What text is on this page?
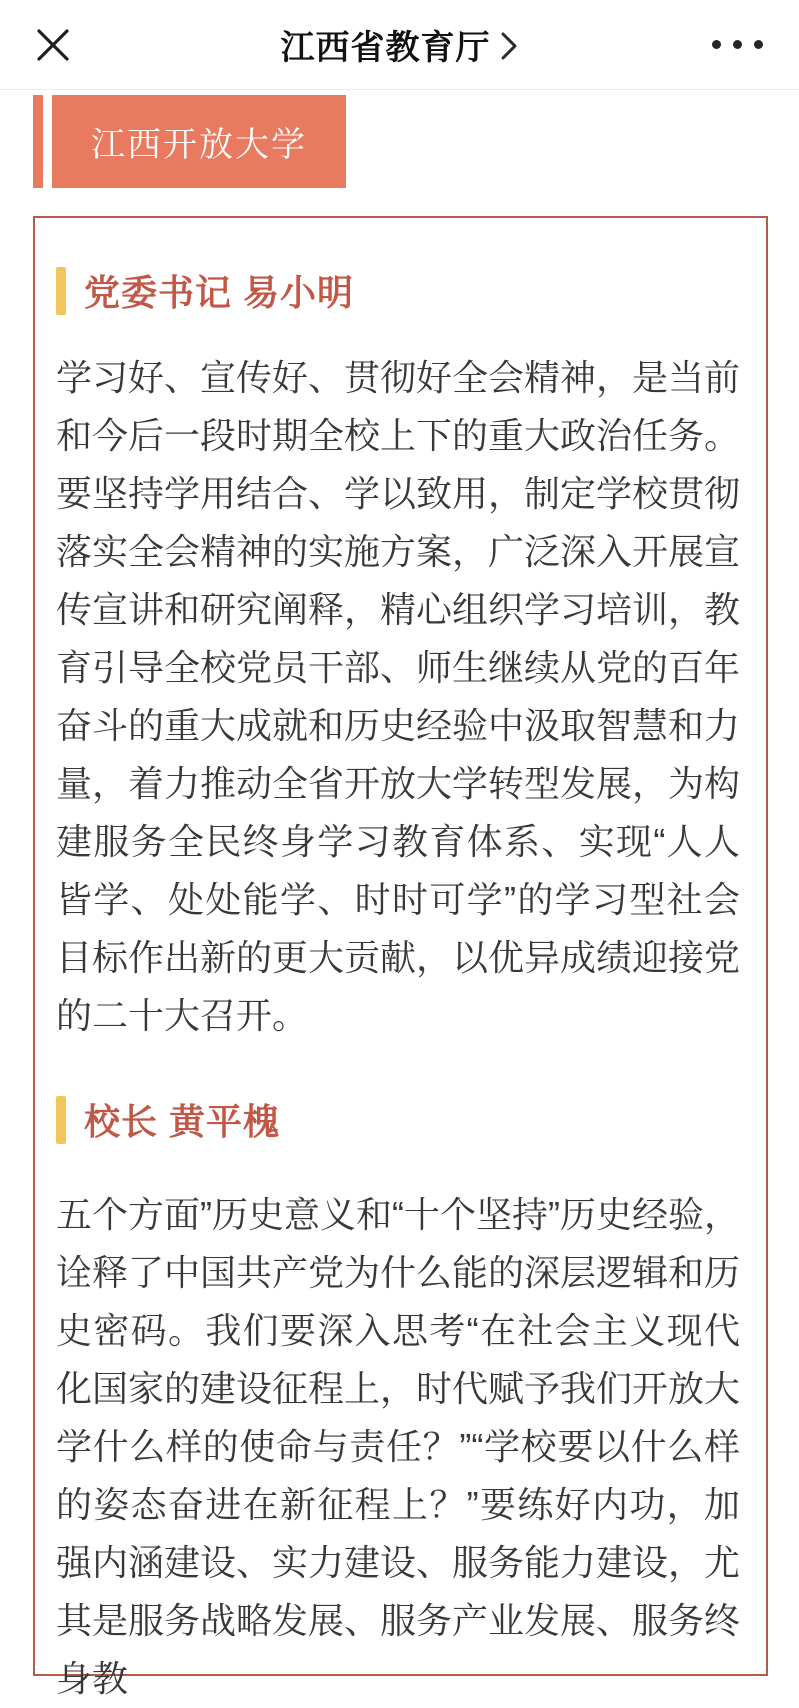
江西省教育厅
江西开放大学
党委书记 易小明

学习好、宣传好、贯彻好全会精神，是当前和今后一段时期全校上下的重大政治任务。要坚持学用结合、学以致用，制定学校贯彻落实全会精神的实施方案，广泛深入开展宣传宣讲和研究阐释，精心组织学习培训，教育引导全校党员干部、师生继续从党的百年奋斗的重大成就和历史经验中汲取智慧和力量，着力推动全省开放大学转型发展，为构建服务全民终身学习教育体系、实现“人人皆学、处处能学、时时可学”的学习型社会目标作出新的更大贡献，以优异成绩迎接党的二十大召开。

校长 黄平槐

五个方面”历史意义和“十个坚持”历史经验，诠释了中国共产党为什么能的深层逻辑和历史密码。我们要深入思考“在社会主义现代化国家的建设征程上，时代赋予我们开放大学什么样的使命与责任？”“学校要以什么样的姿态奋进在新征程上？”要练好内功，加强内涵建设、实力建设、服务能力建设，尤其是服务战略发展、服务产业发展、服务终身教
